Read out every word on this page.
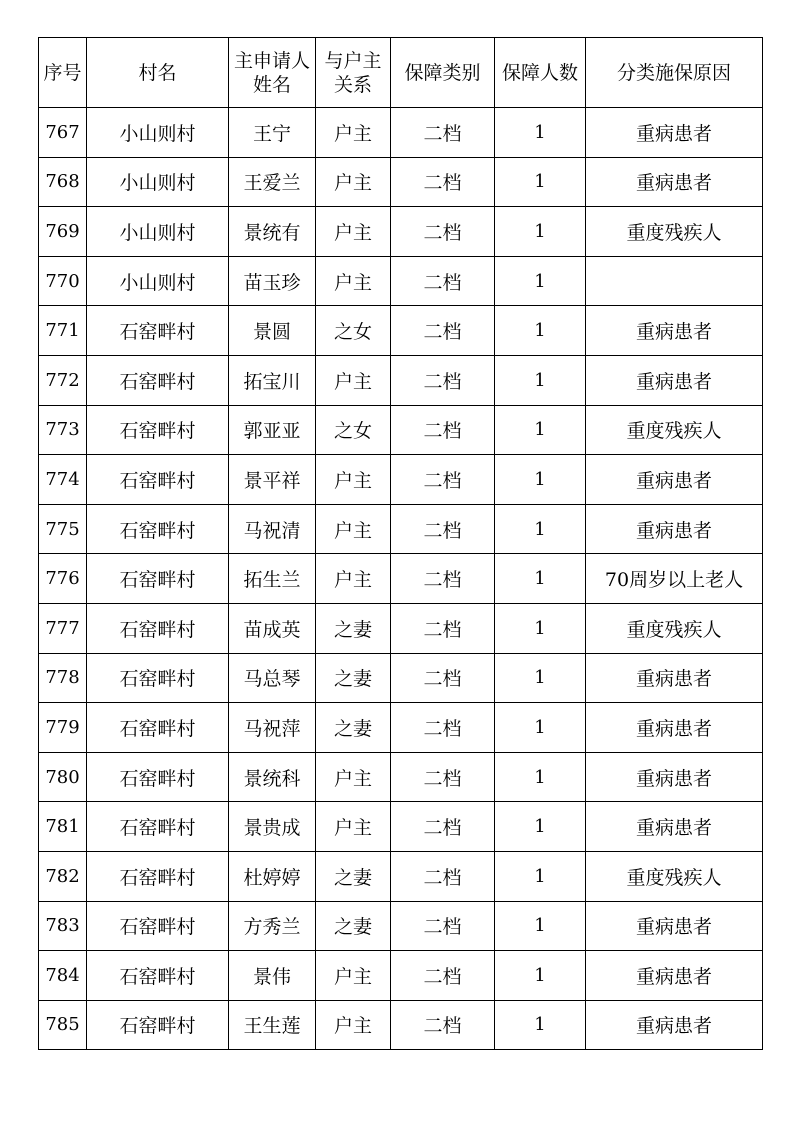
序号	村名	主申请人姓名	与户主关系	保障类别	保障人数	分类施保原因
767	小山则村	王宁	户主	二档	1	重病患者
768	小山则村	王爱兰	户主	二档	1	重病患者
769	小山则村	景统有	户主	二档	1	重度残疾人
770	小山则村	苗玉珍	户主	二档	1	
771	石窑畔村	景圆	之女	二档	1	重病患者
772	石窑畔村	拓宝川	户主	二档	1	重病患者
773	石窑畔村	郭亚亚	之女	二档	1	重度残疾人
774	石窑畔村	景平祥	户主	二档	1	重病患者
775	石窑畔村	马祝清	户主	二档	1	重病患者
776	石窑畔村	拓生兰	户主	二档	1	70周岁以上老人
777	石窑畔村	苗成英	之妻	二档	1	重度残疾人
778	石窑畔村	马总琴	之妻	二档	1	重病患者
779	石窑畔村	马祝萍	之妻	二档	1	重病患者
780	石窑畔村	景统科	户主	二档	1	重病患者
781	石窑畔村	景贵成	户主	二档	1	重病患者
782	石窑畔村	杜婷婷	之妻	二档	1	重度残疾人
783	石窑畔村	方秀兰	之妻	二档	1	重病患者
784	石窑畔村	景伟	户主	二档	1	重病患者
785	石窑畔村	王生莲	户主	二档	1	重病患者
